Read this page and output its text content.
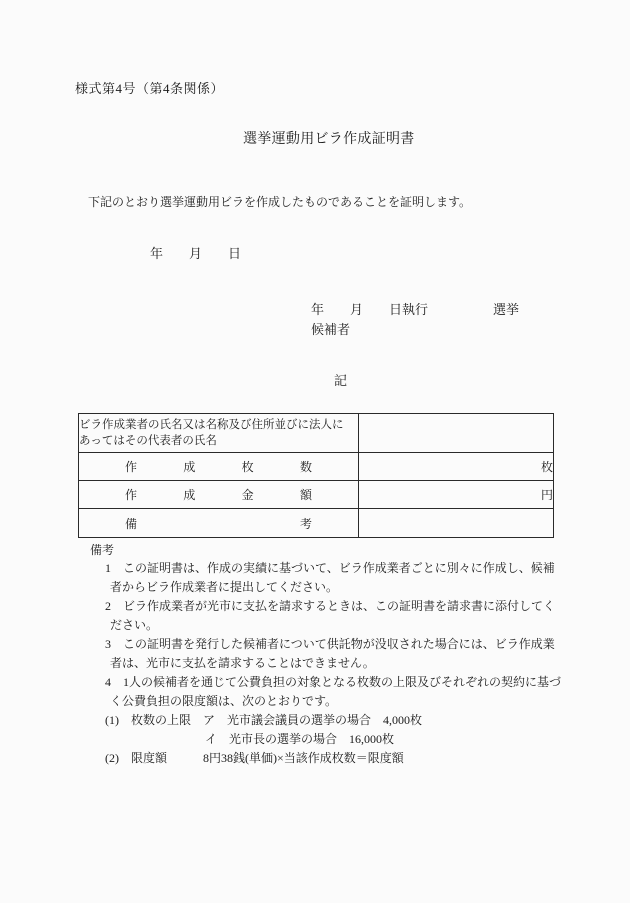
様式第4号（第4条関係）
選挙運動用ビラ作成証明書
下記のとおり選挙運動用ビラを作成したものであることを証明します。
年　　月　　日
年　　月　　日執行　　　　　選挙
候補者
記
ビラ作成業者の氏名又は名称及び住所並びに法人に
あってはその代表者の氏名	

作 成 枚 数	枚

作 成 金 額	円

備 考	

備考
1　この証明書は、作成の実績に基づいて、ビラ作成業者ごとに別々に作成し、候補
者からビラ作成業者に提出してください。
2　ビラ作成業者が光市に支払を請求するときは、この証明書を請求書に添付してく
ださい。
3　この証明書を発行した候補者について供託物が没収された場合には、ビラ作成業
者は、光市に支払を請求することはできません。
4　1人の候補者を通じて公費負担の対象となる枚数の上限及びそれぞれの契約に基づ
く公費負担の限度額は、次のとおりです。
(1)　枚数の上限　ア　光市議会議員の選挙の場合　4,000枚
イ　光市長の選挙の場合　16,000枚
(2)　限度額　　　8円38銭(単価)×当該作成枚数＝限度額
